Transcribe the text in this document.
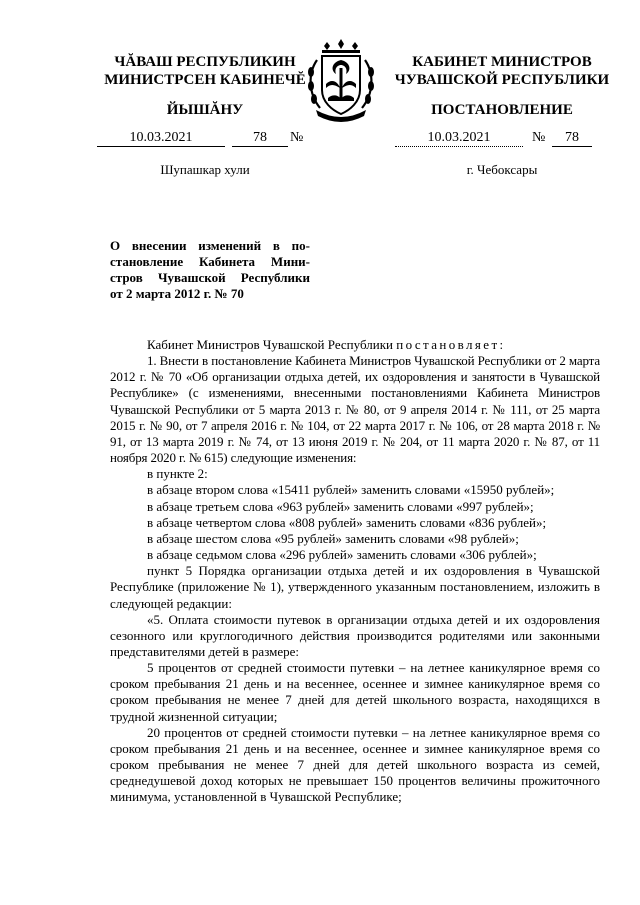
ЧĂВАШ РЕСПУБЛИКИН
МИНИСТРСЕН КАБИНЕЧĔ
ЙЫШĂНУ
10.03.2021	78	№
Шупашкар хули
КАБИНЕТ МИНИСТРОВ
ЧУВАШСКОЙ РЕСПУБЛИКИ
ПОСТАНОВЛЕНИЕ
10.03.2021	№	78
г. Чебоксары
О внесении изменений в по-
становление Кабинета Мини-
стров Чувашской Республики
от 2 марта 2012 г. № 70

Кабинет Министров Чувашской Республики постановляет:

1. Внести в постановление Кабинета Министров Чувашской Республики от 2 марта 2012 г. № 70 «Об организации отдыха детей, их оздоровления и занятости в Чувашской Республике» (с изменениями, внесенными постановлениями Кабинета Министров Чувашской Республики от 5 марта 2013 г. № 80, от 9 апреля 2014 г. № 111, от 25 марта 2015 г. № 90, от 7 апреля 2016 г. № 104, от 22 марта 2017 г. № 106, от 28 марта 2018 г. № 91, от 13 марта 2019 г. № 74, от 13 июня 2019 г. № 204, от 11 марта 2020 г. № 87, от 11 ноября 2020 г. № 615) следующие изменения:

в пункте 2:

в абзаце втором слова «15411 рублей» заменить словами «15950 рублей»;

в абзаце третьем слова «963 рублей» заменить словами «997 рублей»;

в абзаце четвертом слова «808 рублей» заменить словами «836 рублей»;

в абзаце шестом слова «95 рублей» заменить словами «98 рублей»;

в абзаце седьмом слова «296 рублей» заменить словами «306 рублей»;

пункт 5 Порядка организации отдыха детей и их оздоровления в Чувашской Республике (приложение № 1), утвержденного указанным постановлением, изложить в следующей редакции:

«5. Оплата стоимости путевок в организации отдыха детей и их оздоровления сезонного или круглогодичного действия производится родителями или законными представителями детей в размере:

5 процентов от средней стоимости путевки – на летнее каникулярное время со сроком пребывания 21 день и на весеннее, осеннее и зимнее каникулярное время со сроком пребывания не менее 7 дней для детей школьного возраста, находящихся в трудной жизненной ситуации;

20 процентов от средней стоимости путевки – на летнее каникулярное время со сроком пребывания 21 день и на весеннее, осеннее и зимнее каникулярное время со сроком пребывания не менее 7 дней для детей школьного возраста из семей, среднедушевой доход которых не превышает 150 процентов величины прожиточного минимума, установленной в Чувашской Республике;
